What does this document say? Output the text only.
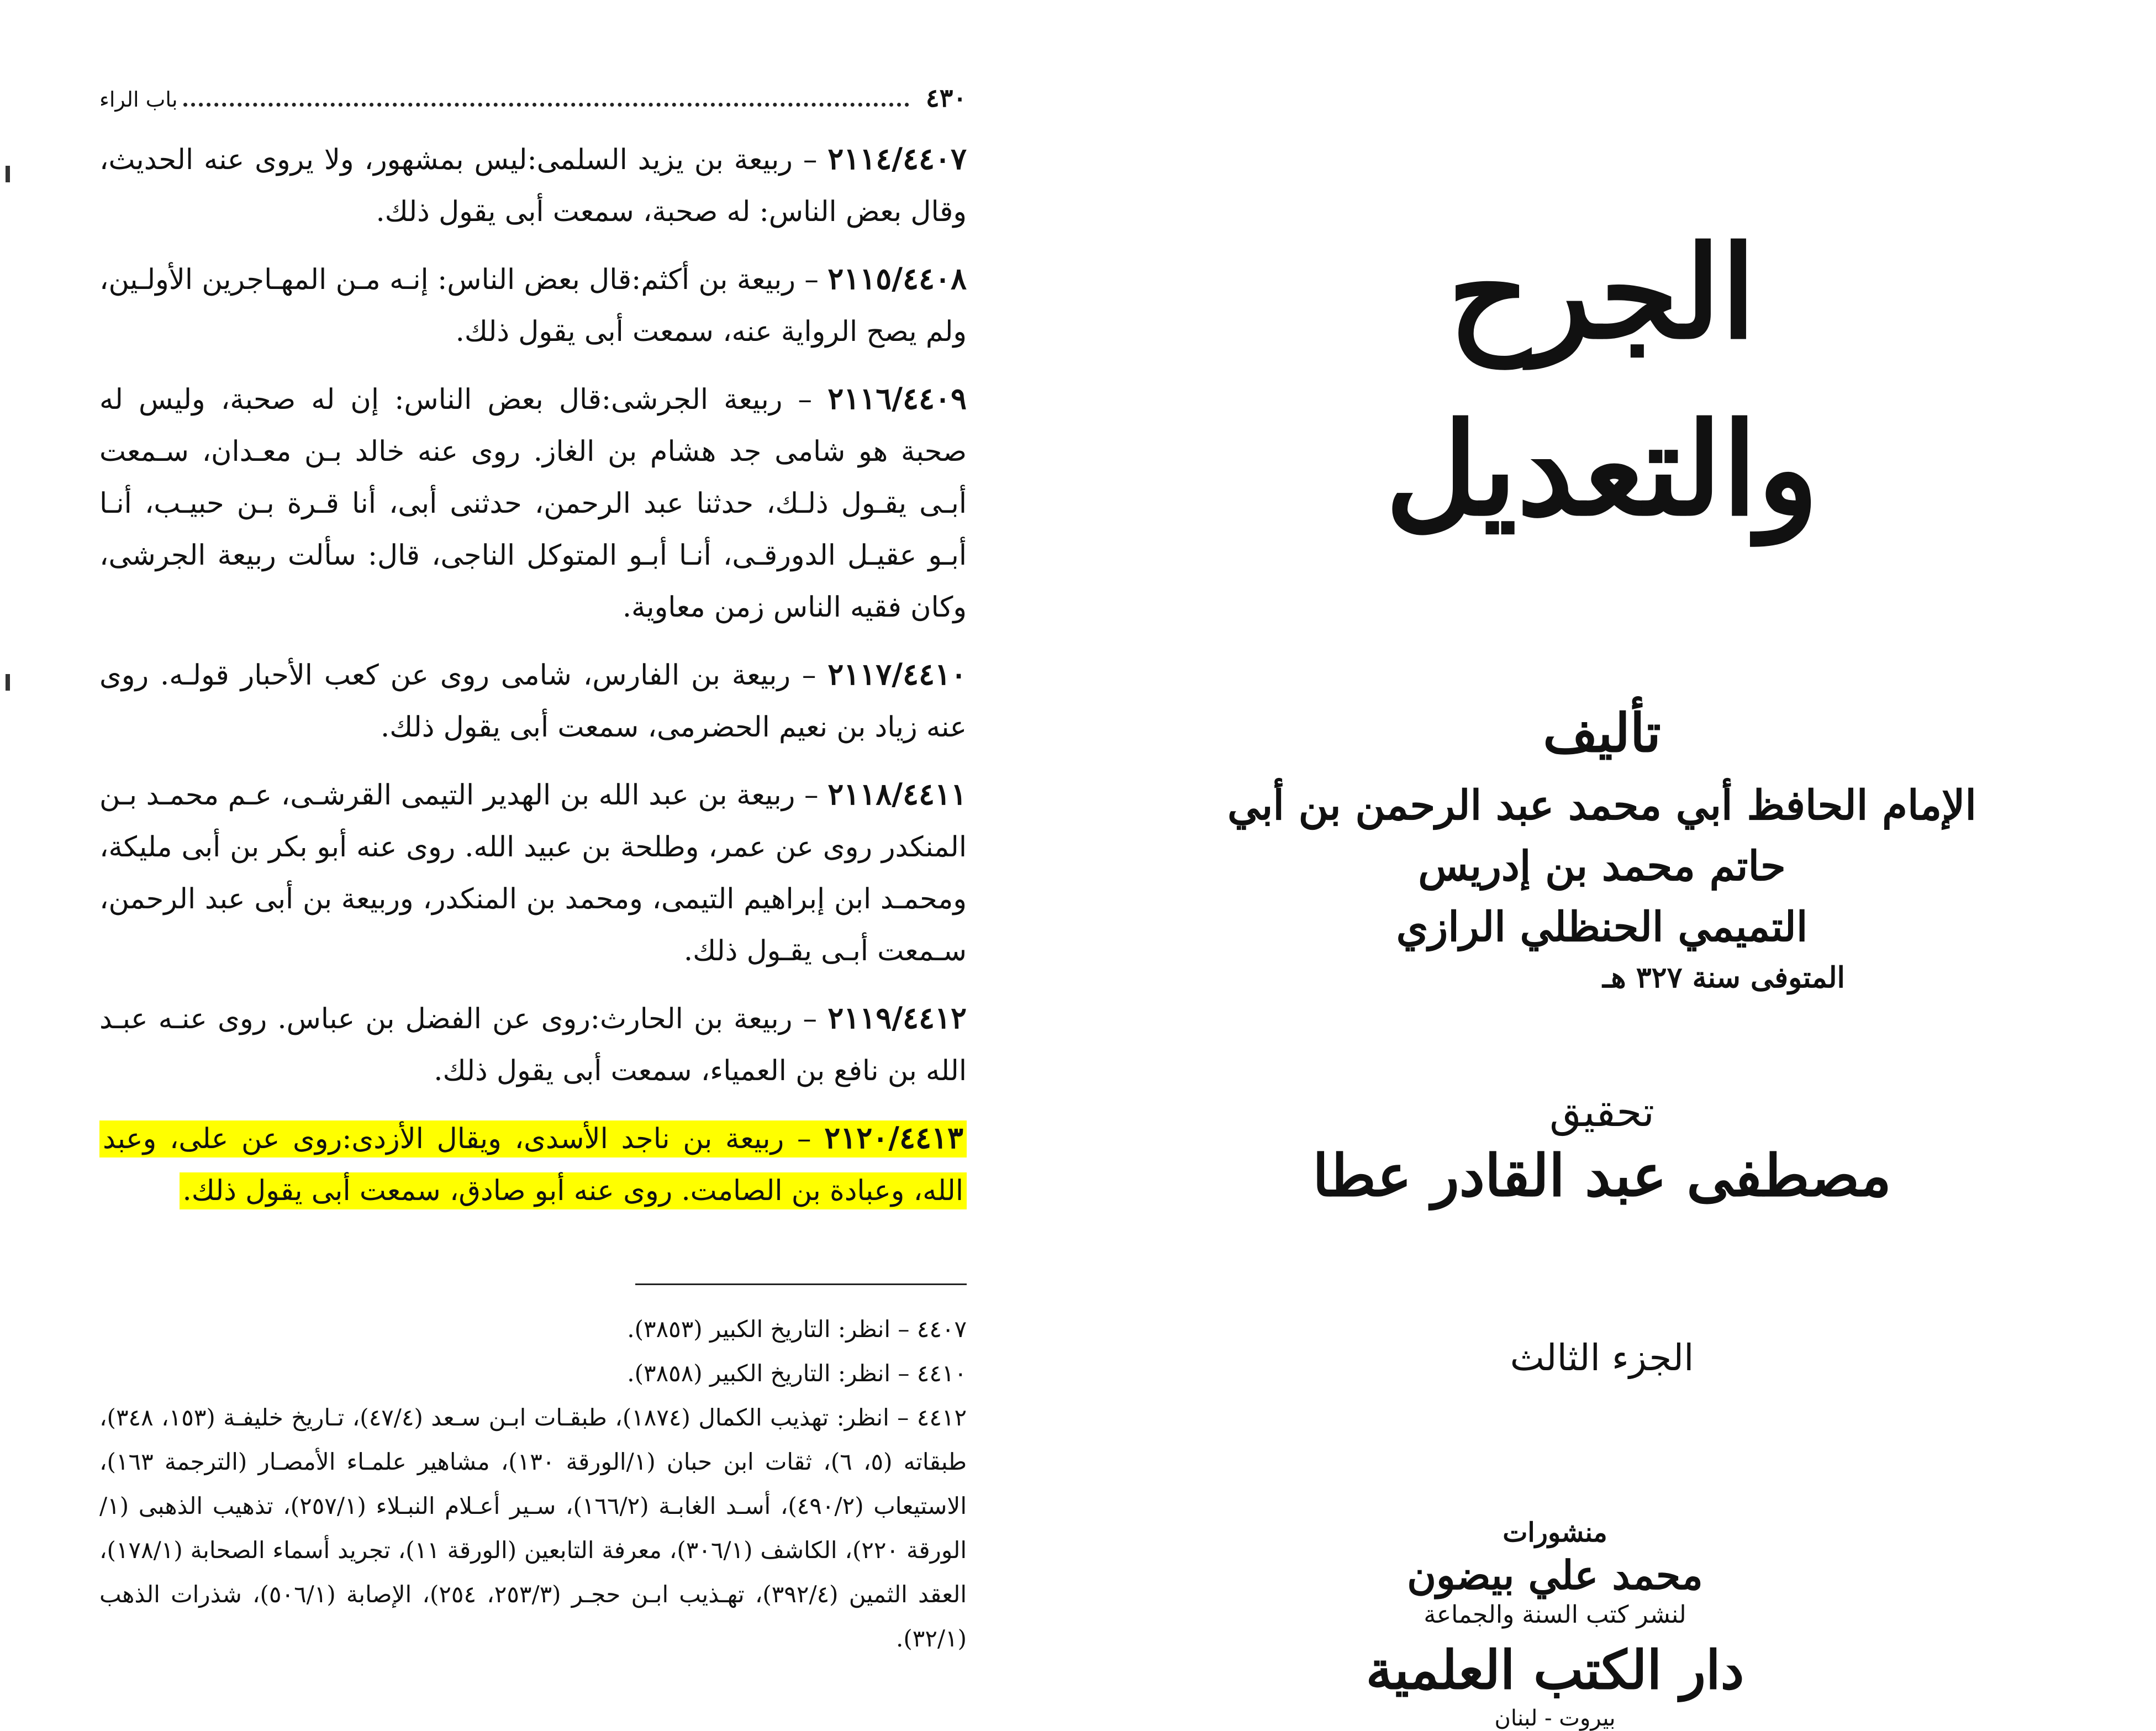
٤٣٠
باب الراء
٢١١٤/٤٤٠٧ – ربيعة بن يزيد السلمى:ليس بمشهور، ولا يروى عنه الحديث، وقال بعض الناس: له صحبة، سمعت أبى يقول ذلك.
٢١١٥/٤٤٠٨ – ربيعة بن أكثم:قال بعض الناس: إنـه مـن المهـاجرين الأولـين، ولم يصح الرواية عنه، سمعت أبى يقول ذلك.
٢١١٦/٤٤٠٩ – ربيعة الجرشى:قال بعض الناس: إن له صحبة، وليس له صحبة هو شامى جد هشام بن الغاز. روى عنه خالد بـن معـدان، سـمعت أبـى يقـول ذلـك، حدثنا عبد الرحمن، حدثنى أبى، أنا قـرة بـن حبيـب، أنـا أبـو عقيـل الدورقـى، أنـا أبـو المتوكل الناجى، قال: سألت ربيعة الجرشى، وكان فقيه الناس زمن معاوية.
٢١١٧/٤٤١٠ – ربيعة بن الفارس، شامى روى عن كعب الأحبار قولـه. روى عنه زياد بن نعيم الحضرمى، سمعت أبى يقول ذلك.
٢١١٨/٤٤١١ – ربيعة بن عبد الله بن الهدير التيمى القرشـى، عـم محمـد بـن المنكدر روى عن عمر، وطلحة بن عبيد الله. روى عنه أبو بكر بن أبى مليكة، ومحمـد ابن إبراهيم التيمى، ومحمد بن المنكدر، وربيعة بن أبى عبد الرحمن، سـمعت أبـى يقـول ذلك.
٢١١٩/٤٤١٢ – ربيعة بن الحارث:روى عن الفضل بن عباس. روى عنـه عبـد الله بن نافع بن العمياء، سمعت أبى يقول ذلك.
٢١٢٠/٤٤١٣ – ربيعة بن ناجد الأسدى، ويقال الأزدى:روى عن على، وعبد الله، وعبادة بن الصامت. روى عنه أبو صادق، سمعت أبى يقول ذلك.
٤٤٠٧ – انظر: التاريخ الكبير (٣٨٥٣).
٤٤١٠ – انظر: التاريخ الكبير (٣٨٥٨).
٤٤١٢ – انظر: تهذيب الكمال (١٨٧٤)، طبقـات ابـن سـعد (٤٧/٤)، تـاريخ خليفـة (١٥٣، ٣٤٨)، طبقاته (٥، ٦)، ثقات ابن حبان (١/الورقة ١٣٠)، مشاهير علمـاء الأمصـار (الترجمة ١٦٣)، الاستيعاب (٤٩٠/٢)، أسـد الغابـة (١٦٦/٢)، سـير أعـلام النبـلاء (٢٥٧/١)، تذهيب الذهبى (١/الورقة ٢٢٠)، الكاشف (٣٠٦/١)، معرفة التابعين (الورقة ١١)، تجريد أسماء الصحابة (١٧٨/١)، العقد الثمين (٣٩٢/٤)، تهـذيب ابـن حجـر (٢٥٣/٣، ٢٥٤)، الإصابة (٥٠٦/١)، شذرات الذهب (٣٢/١).
الجرح والتعديل
تأليف
الإمام الحافظ أبي محمد عبد الرحمن بن أبي حاتم محمد بن إدريس
التميمي الحنظلي الرازي
المتوفى سنة ٣٢٧ هـ
تحقيق
مصطفى عبد القادر عطا
الجزء الثالث
منشورات
محمد علي بيضون
لنشر كتب السنة والجماعة
دار الكتب العلمية
بيروت - لبنان
